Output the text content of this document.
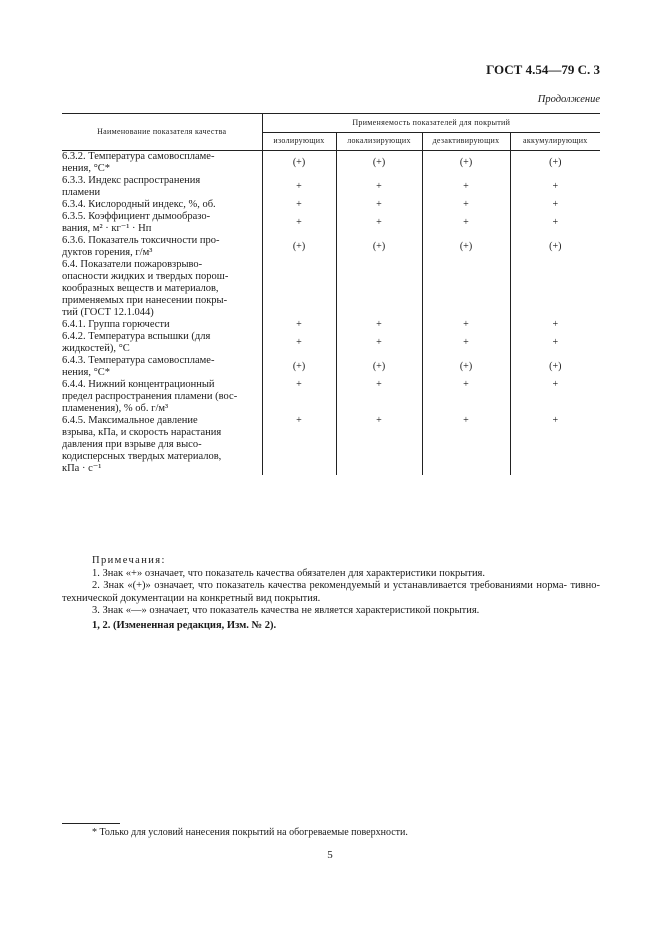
ГОСТ 4.54—79 С. 3
Продолжение
Наименование показателя качества	Применяемость показателей для покрытий			
	изолирующих	локализирующих	дезактивирующих	аккумулирующих

6.3.2. Температура самовоспламе-
нения, °С*	(+)	(+)	(+)	(+)

6.3.3. Индекс распространения
пламени	+	+	+	+

6.3.4. Кислородный индекс, %, об.	+	+	+	+

6.3.5. Коэффициент дымообразо-
вания, м² · кг⁻¹ · Нп	+	+	+	+

6.3.6. Показатель токсичности про-
дуктов горения, г/м³	(+)	(+)	(+)	(+)

6.4. Показатели пожаровзрыво-
опасности жидких и твердых порош-
кообразных веществ и материалов,
применяемых при нанесении покры-
тий (ГОСТ 12.1.044)				

6.4.1. Группа горючести	+	+	+	+

6.4.2. Температура вспышки (для
жидкостей), °С	+	+	+	+

6.4.3. Температура самовоспламе-
нения, °С*	(+)	(+)	(+)	(+)

6.4.4. Нижний концентрационный
предел распространения пламени (вос-
пламенения), % об. г/м³	+	+	+	+

6.4.5. Максимальное давление
взрыва, кПа, и скорость нарастания
давления при взрыве для высо-
кодисперсных твердых материалов,
кПа · с⁻¹	+	+	+	+
Примечания:

1. Знак «+» означает, что показатель качества обязателен для характеристики покрытия.

2. Знак «(+)» означает, что показатель качества рекомендуемый и устанавливается требованиями норма- тивно-технической документации на конкретный вид покрытия.

3. Знак «—» означает, что показатель качества не является характеристикой покрытия.

1, 2. (Измененная редакция, Изм. № 2).
* Только для условий нанесения покрытий на обогреваемые поверхности.
5
